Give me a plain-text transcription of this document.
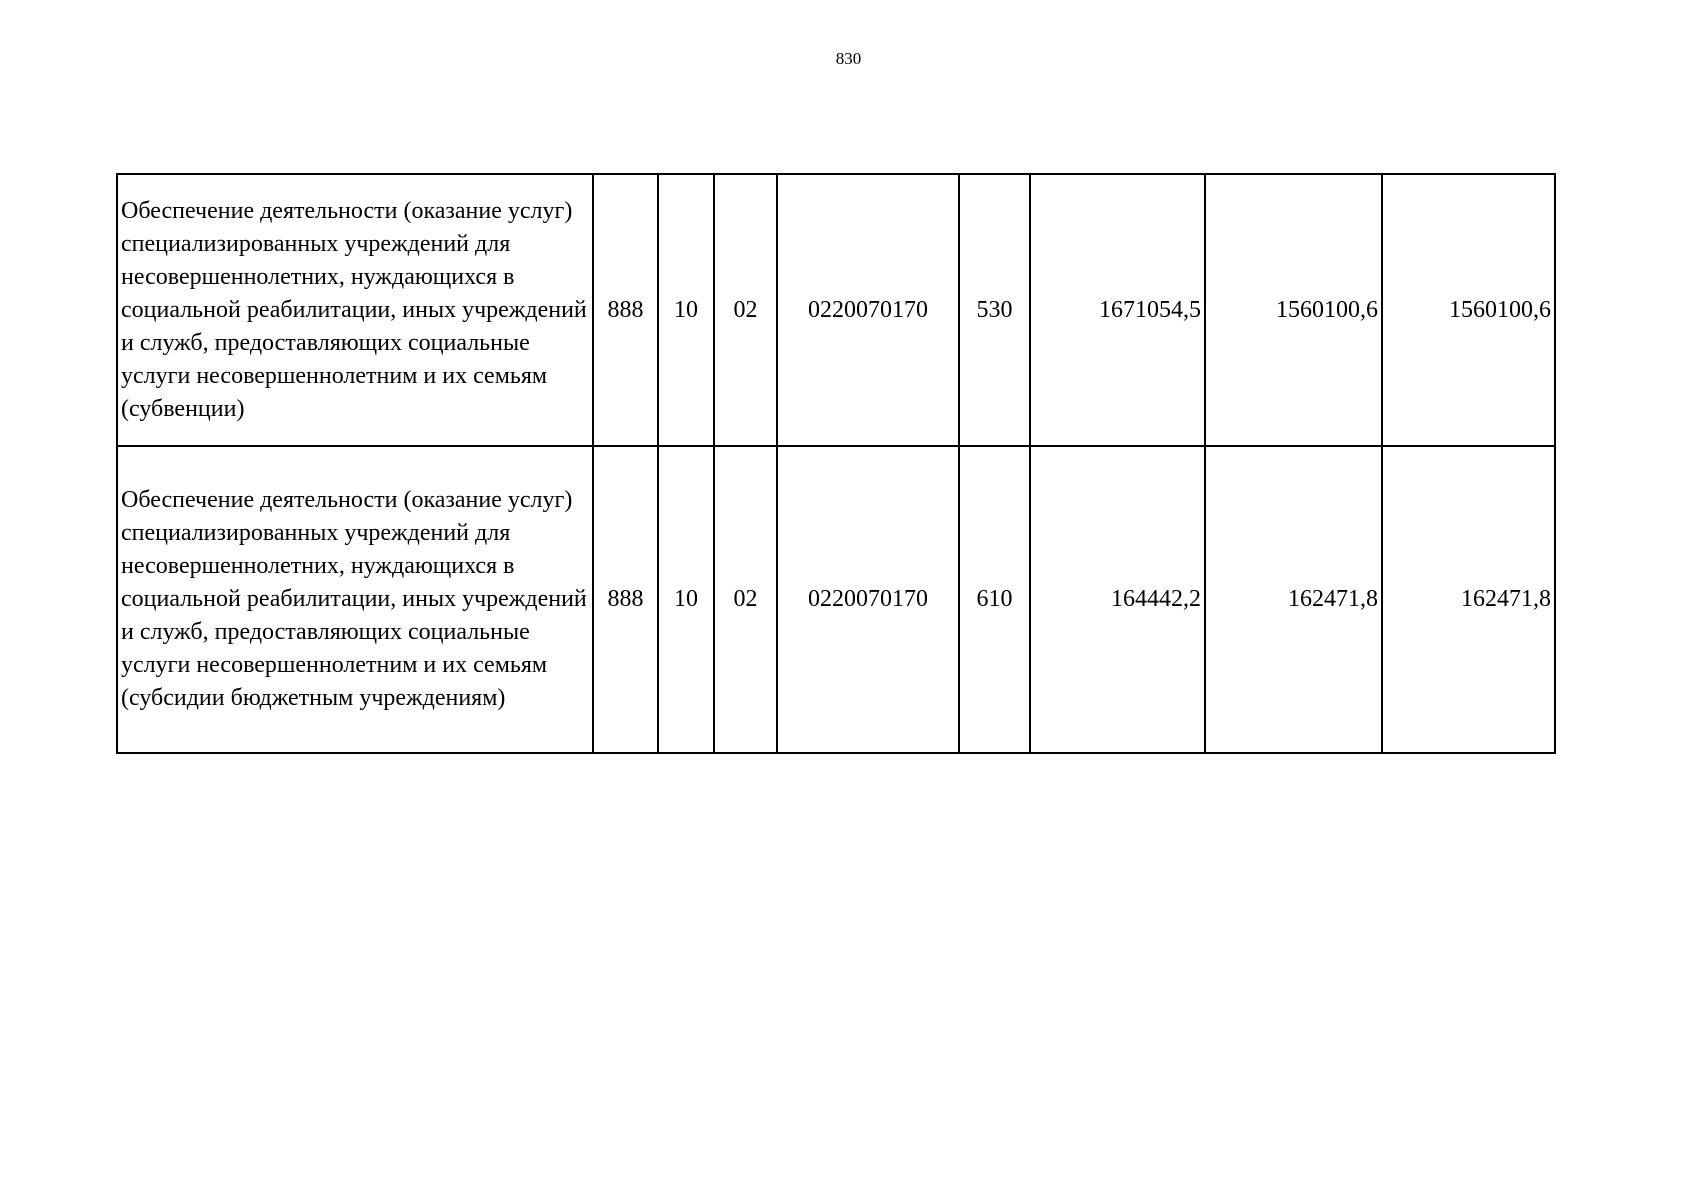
830
Обеспечение деятельности (оказание услуг) специализированных учреждений для несовершеннолетних, нуждающихся в социальной реабилитации, иных учреждений и служб, предоставляющих социальные услуги несовершеннолетним и их семьям (субвенции)	888	10	02	0220070170	530	1671054,5	1560100,6	1560100,6
Обеспечение деятельности (оказание услуг) специализированных учреждений для несовершеннолетних, нуждающихся в социальной реабилитации, иных учреждений и служб, предоставляющих социальные услуги несовершеннолетним и их семьям (субсидии бюджетным учреждениям)	888	10	02	0220070170	610	164442,2	162471,8	162471,8
